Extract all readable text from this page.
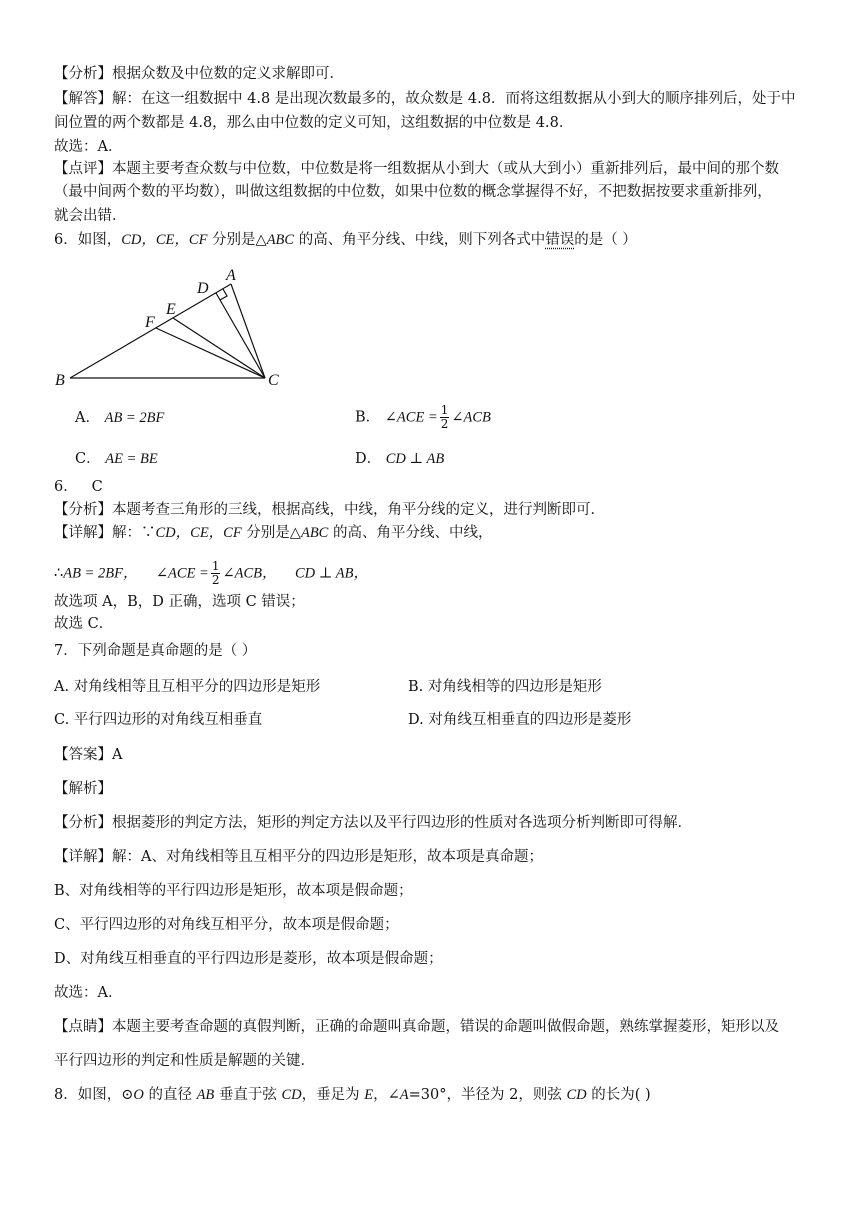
【分析】根据众数及中位数的定义求解即可．
【解答】解：在这一组数据中 4.8 是出现次数最多的，故众数是 4.8．而将这组数据从小到大的顺序排列后，处于中
间位置的两个数都是 4.8，那么由中位数的定义可知，这组数据的中位数是 4.8．
故选：A．
【点评】本题主要考查众数与中位数，中位数是将一组数据从小到大（或从大到小）重新排列后，最中间的那个数
（最中间两个数的平均数），叫做这组数据的中位数，如果中位数的概念掌握得不好，不把数据按要求重新排列，
就会出错．
6．如图，CD，CE，CF 分别是△ABC 的高、角平分线、中线，则下列各式中错误的是（ ）
A
D
E
F
B	C
A． AB = 2BF	B． ∠ACE = $\frac{1}{2}$ ∠ACB
C． AE = BE	D． CD ⊥ AB
6． C
【分析】本题考查三角形的三线，根据高线，中线，角平分线的定义，进行判断即可．
【详解】解：∵CD，CE，CF 分别是△ABC 的高、角平分线、中线，
∴AB = 2BF， ∠ACE = $\frac{1}{2}$ ∠ACB， CD ⊥ AB，
故选项 A，B，D 正确，选项 C 错误；
故选 C．
7．下列命题是真命题的是（ ）
A. 对角线相等且互相平分的四边形是矩形	B. 对角线相等的四边形是矩形
C. 平行四边形的对角线互相垂直	D. 对角线互相垂直的四边形是菱形
【答案】A
【解析】
【分析】根据菱形的判定方法，矩形的判定方法以及平行四边形的性质对各选项分析判断即可得解．
【详解】解：A、对角线相等且互相平分的四边形是矩形，故本项是真命题；
B、对角线相等的平行四边形是矩形，故本项是假命题；
C、平行四边形的对角线互相平分，故本项是假命题；
D、对角线互相垂直的平行四边形是菱形，故本项是假命题；
故选：A．
【点睛】本题主要考查命题的真假判断，正确的命题叫真命题，错误的命题叫做假命题，熟练掌握菱形，矩形以及
平行四边形的判定和性质是解题的关键．
8．如图，⊙O 的直径 AB 垂直于弦 CD，垂足为 E，∠A=30°，半径为 2，则弦 CD 的长为( )
